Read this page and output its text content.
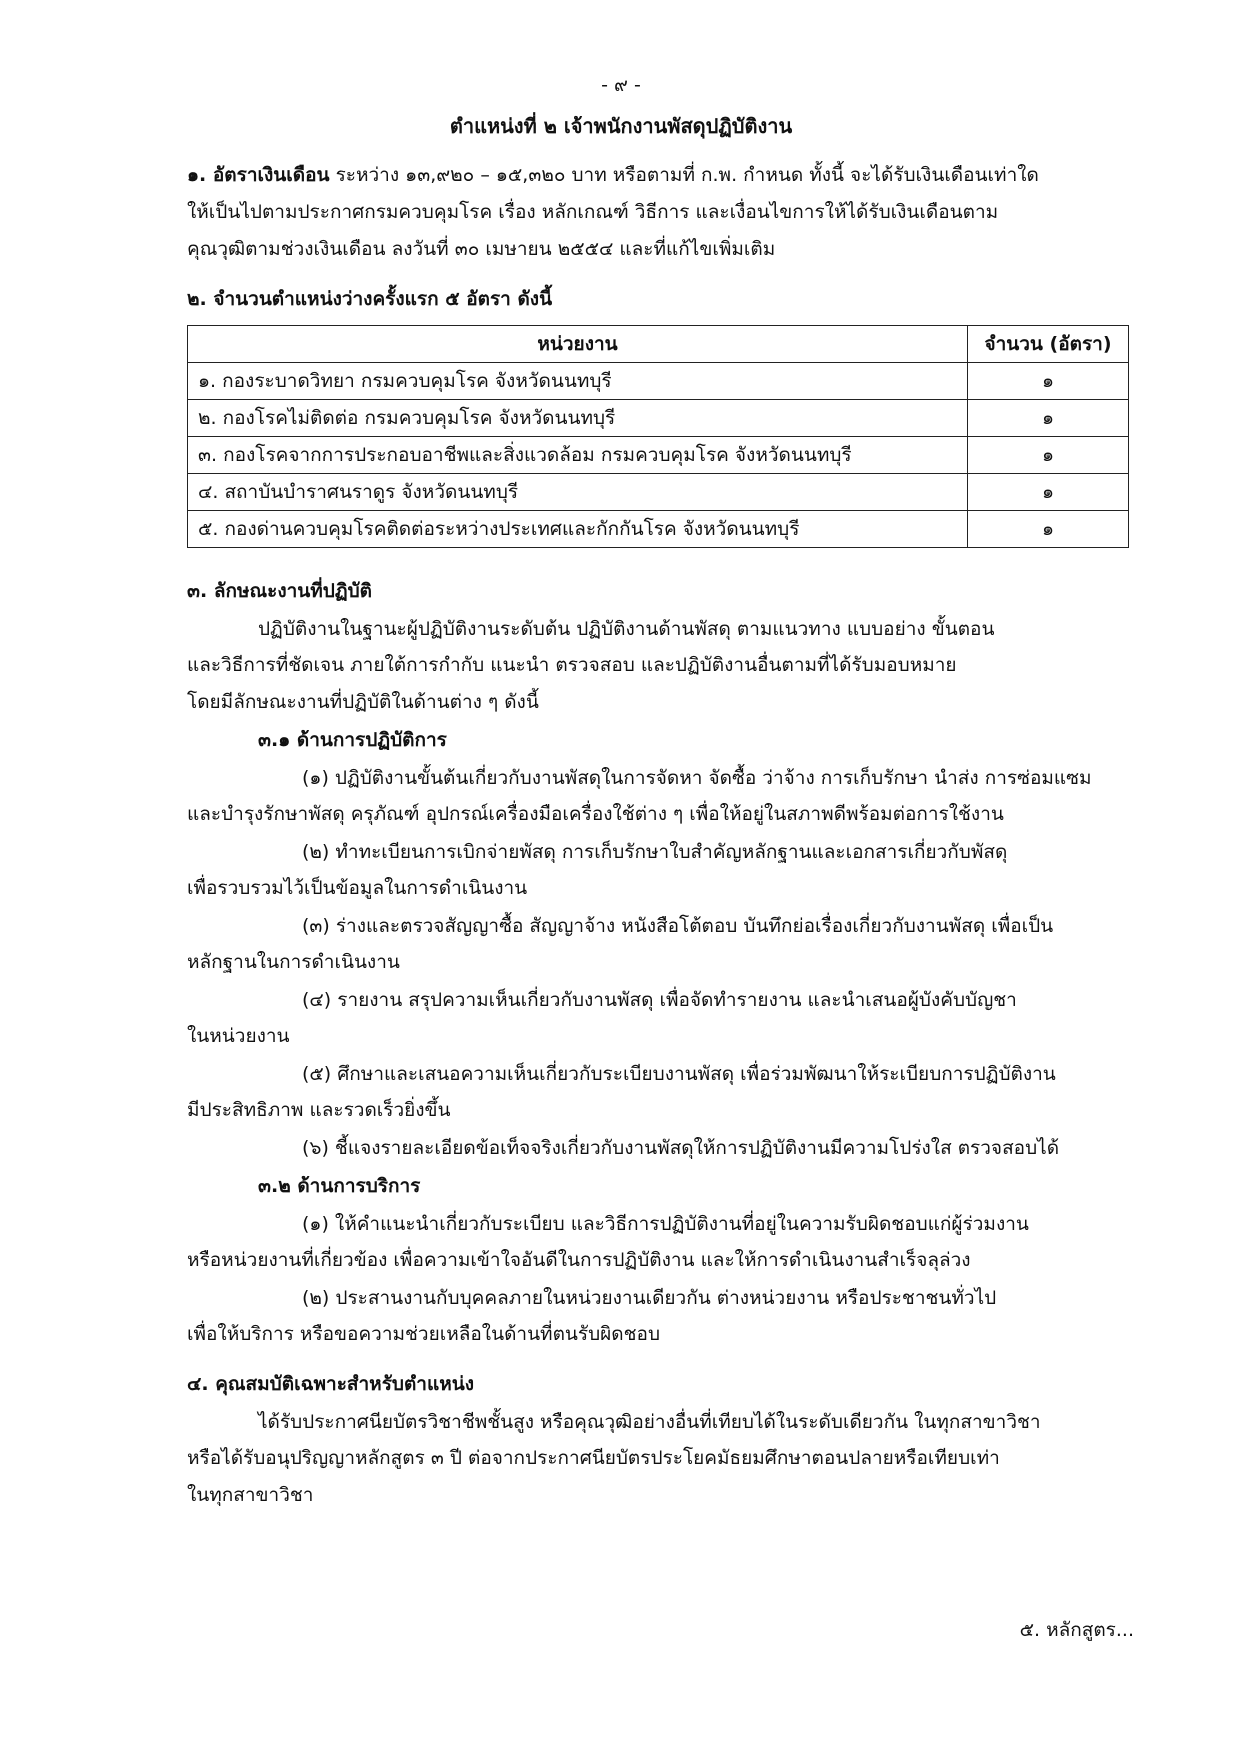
- ๙ -
ตำแหน่งที่ ๒ เจ้าพนักงานพัสดุปฏิบัติงาน
๑. อัตราเงินเดือน ระหว่าง ๑๓,๙๒๐ – ๑๕,๓๒๐ บาท หรือตามที่ ก.พ. กำหนด ทั้งนี้ จะได้รับเงินเดือนเท่าใด
ให้เป็นไปตามประกาศกรมควบคุมโรค เรื่อง หลักเกณฑ์ วิธีการ และเงื่อนไขการให้ได้รับเงินเดือนตาม
คุณวุฒิตามช่วงเงินเดือน ลงวันที่ ๓๐ เมษายน ๒๕๕๔ และที่แก้ไขเพิ่มเติม
๒. จำนวนตำแหน่งว่างครั้งแรก ๕ อัตรา ดังนี้
หน่วยงาน	จำนวน (อัตรา)
๑. กองระบาดวิทยา กรมควบคุมโรค จังหวัดนนทบุรี	๑
๒. กองโรคไม่ติดต่อ กรมควบคุมโรค จังหวัดนนทบุรี	๑
๓. กองโรคจากการประกอบอาชีพและสิ่งแวดล้อม กรมควบคุมโรค จังหวัดนนทบุรี	๑
๔. สถาบันบำราศนราดูร จังหวัดนนทบุรี	๑
๕. กองด่านควบคุมโรคติดต่อระหว่างประเทศและกักกันโรค จังหวัดนนทบุรี	๑
๓. ลักษณะงานที่ปฏิบัติ
ปฏิบัติงานในฐานะผู้ปฏิบัติงานระดับต้น ปฏิบัติงานด้านพัสดุ ตามแนวทาง แบบอย่าง ขั้นตอน
และวิธีการที่ชัดเจน ภายใต้การกำกับ แนะนำ ตรวจสอบ และปฏิบัติงานอื่นตามที่ได้รับมอบหมาย
โดยมีลักษณะงานที่ปฏิบัติในด้านต่าง ๆ ดังนี้
๓.๑ ด้านการปฏิบัติการ
(๑) ปฏิบัติงานขั้นต้นเกี่ยวกับงานพัสดุในการจัดหา จัดซื้อ ว่าจ้าง การเก็บรักษา นำส่ง การซ่อมแซม
และบำรุงรักษาพัสดุ ครุภัณฑ์ อุปกรณ์เครื่องมือเครื่องใช้ต่าง ๆ เพื่อให้อยู่ในสภาพดีพร้อมต่อการใช้งาน
(๒) ทำทะเบียนการเบิกจ่ายพัสดุ การเก็บรักษาใบสำคัญหลักฐานและเอกสารเกี่ยวกับพัสดุ
เพื่อรวบรวมไว้เป็นข้อมูลในการดำเนินงาน
(๓) ร่างและตรวจสัญญาซื้อ สัญญาจ้าง หนังสือโต้ตอบ บันทึกย่อเรื่องเกี่ยวกับงานพัสดุ เพื่อเป็น
หลักฐานในการดำเนินงาน
(๔) รายงาน สรุปความเห็นเกี่ยวกับงานพัสดุ เพื่อจัดทำรายงาน และนำเสนอผู้บังคับบัญชา
ในหน่วยงาน
(๕) ศึกษาและเสนอความเห็นเกี่ยวกับระเบียบงานพัสดุ เพื่อร่วมพัฒนาให้ระเบียบการปฏิบัติงาน
มีประสิทธิภาพ และรวดเร็วยิ่งขึ้น
(๖) ชี้แจงรายละเอียดข้อเท็จจริงเกี่ยวกับงานพัสดุให้การปฏิบัติงานมีความโปร่งใส ตรวจสอบได้
๓.๒ ด้านการบริการ
(๑) ให้คำแนะนำเกี่ยวกับระเบียบ และวิธีการปฏิบัติงานที่อยู่ในความรับผิดชอบแก่ผู้ร่วมงาน
หรือหน่วยงานที่เกี่ยวข้อง เพื่อความเข้าใจอันดีในการปฏิบัติงาน และให้การดำเนินงานสำเร็จลุล่วง
(๒) ประสานงานกับบุคคลภายในหน่วยงานเดียวกัน ต่างหน่วยงาน หรือประชาชนทั่วไป
เพื่อให้บริการ หรือขอความช่วยเหลือในด้านที่ตนรับผิดชอบ
๔. คุณสมบัติเฉพาะสำหรับตำแหน่ง
ได้รับประกาศนียบัตรวิชาชีพชั้นสูง หรือคุณวุฒิอย่างอื่นที่เทียบได้ในระดับเดียวกัน ในทุกสาขาวิชา
หรือได้รับอนุปริญญาหลักสูตร ๓ ปี ต่อจากประกาศนียบัตรประโยคมัธยมศึกษาตอนปลายหรือเทียบเท่า
ในทุกสาขาวิชา
๕. หลักสูตร...
